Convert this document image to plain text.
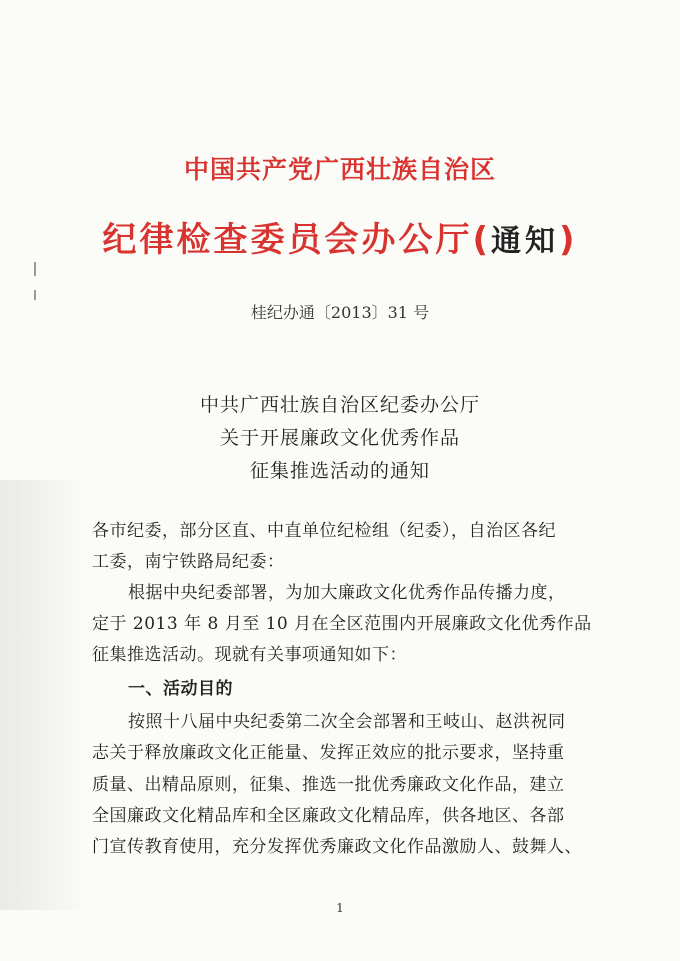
中国共产党广西壮族自治区
纪律检查委员会办公厅(通知)
桂纪办通〔2013〕31 号
中共广西壮族自治区纪委办公厅
关于开展廉政文化优秀作品
征集推选活动的通知
各市纪委，部分区直、中直单位纪检组（纪委），自治区各纪
工委，南宁铁路局纪委：
根据中央纪委部署，为加大廉政文化优秀作品传播力度，
定于 2013 年 8 月至 10 月在全区范围内开展廉政文化优秀作品
征集推选活动。现就有关事项通知如下：
一、活动目的
按照十八届中央纪委第二次全会部署和王岐山、赵洪祝同
志关于释放廉政文化正能量、发挥正效应的批示要求，坚持重
质量、出精品原则，征集、推选一批优秀廉政文化作品，建立
全国廉政文化精品库和全区廉政文化精品库，供各地区、各部
门宣传教育使用，充分发挥优秀廉政文化作品激励人、鼓舞人、
1
